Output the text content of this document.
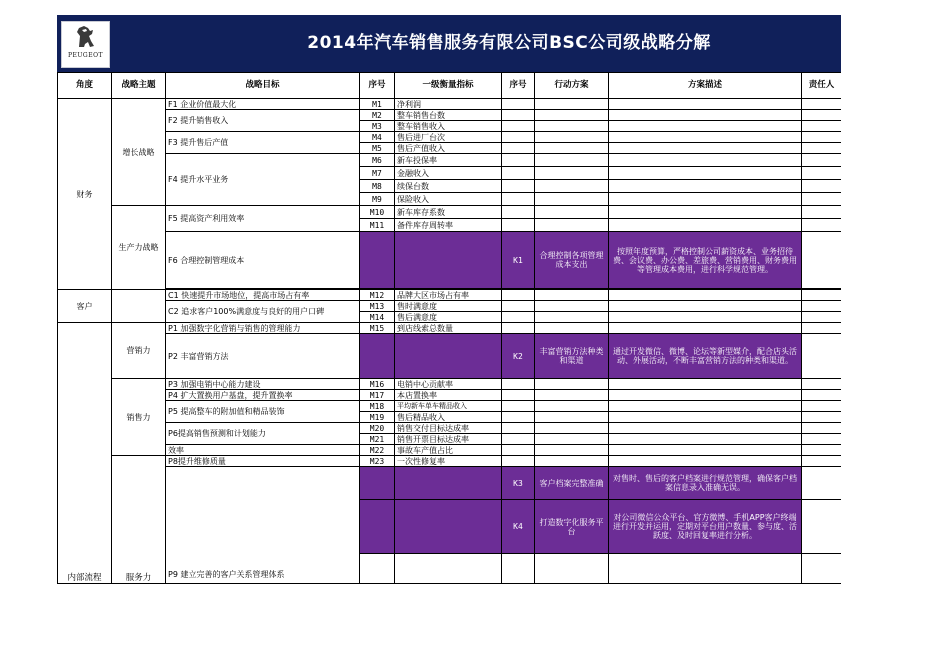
PEUGEOT
2014年汽车销售服务有限公司BSC公司级战略分解
角度	战略主题	战略目标	序号	一级衡量指标	序号	行动方案	方案描述	责任人
财务	增长战略	F1 企业价值最大化	M1	净利润				
		F2 提升销售收入	M2	整车销售台数				
			M3	整车销售收入				
		F3 提升售后产值	M4	售后进厂台次				
			M5	售后产值收入				
		F4 提升水平业务	M6	新车投保率				
			M7	金融收入				
			M8	续保台数				
			M9	保险收入				
	生产力战略	F5 提高资产利用效率	M10	新车库存系数				
			M11	备件库存周转率				
		F6 合理控制管理成本			K1	合理控制各项管理成本支出	按照年度预算，严格控制公司薪资成本、业务招待费、会议费、办公费、差旅费、营销费用、财务费用等管理成本费用，进行科学规范管理。	

客户		C1 快速提升市场地位，提高市场占有率	M12	品牌大区市场占有率				
		C2 追求客户100%满意度与良好的用户口碑	M13	售时满意度				
			M14	售后满意度				
内部流程	营销力	P1 加强数字化营销与销售的管理能力	M15	到店线索总数量				
		P2 丰富营销方法			K2	丰富营销方法种类和渠道	通过开发微信、微博、论坛等新型媒介，配合店头活动、外展活动，不断丰富营销方法的种类和渠道。	
	销售力	P3 加强电销中心能力建设	M16	电销中心贡献率				
		P4 扩大置换用户基盘，提升置换率	M17	本店置换率				
		P5 提高整车的附加值和精品装饰	M18	平均新车单车精品收入				
			M19	售后精品收入				
		P6提高销售预测和计划能力	M20	销售交付目标达成率				
			M21	销售开票目标达成率				
		效率	M22	事故车产值占比				
	服务力	P8提升维修质量	M23	一次性修复率				
		P9 建立完善的客户关系管理体系			K3	客户档案完整准确	对售时、售后的客户档案进行规范管理，确保客户档案信息录入准确无误。	
					K4	打造数字化服务平台	对公司微信公众平台、官方微博、手机APP客户终端进行开发并运用，定期对平台用户数量、参与度、活跃度、及时回复率进行分析。	
